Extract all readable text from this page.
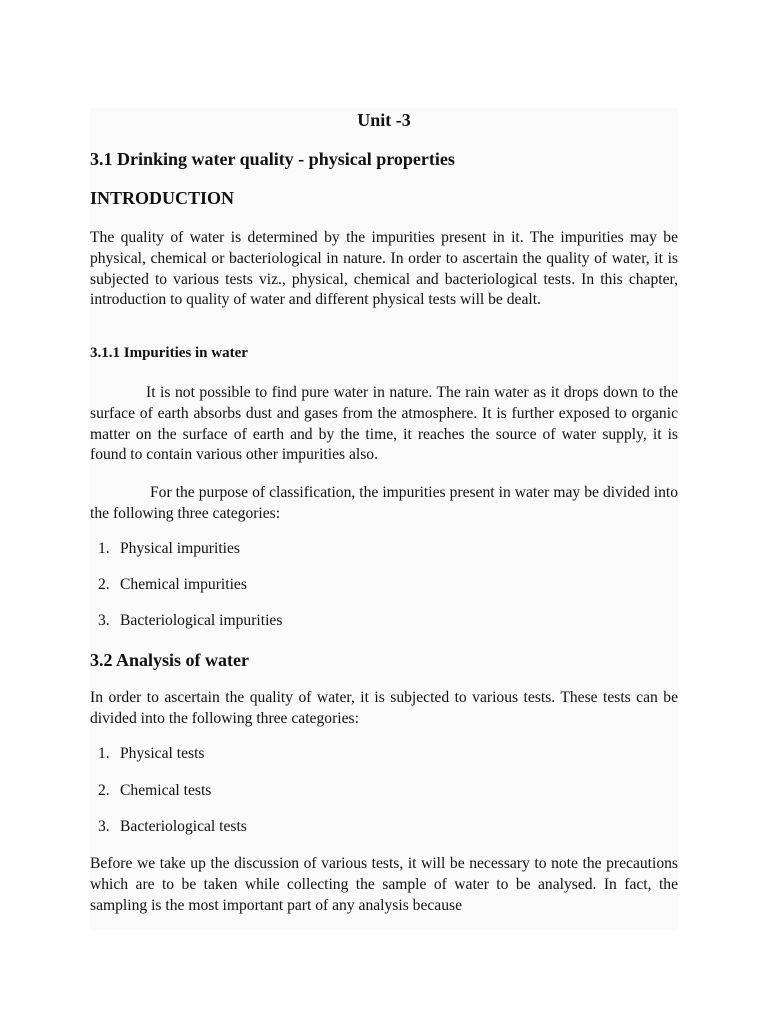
Unit -3
3.1 Drinking water quality - physical properties
INTRODUCTION

The quality of water is determined by the impurities present in it. The impurities may be physical, chemical or bacteriological in nature. In order to ascertain the quality of water, it is subjected to various tests viz., physical, chemical and bacteriological tests. In this chapter, introduction to quality of water and different physical tests will be dealt.

3.1.1 Impurities in water

It is not possible to find pure water in nature. The rain water as it drops down to the surface of earth absorbs dust and gases from the atmosphere. It is further exposed to organic matter on the surface of earth and by the time, it reaches the source of water supply, it is found to contain various other impurities also.

For the purpose of classification, the impurities present in water may be divided into the following three categories:

1. Physical impurities
2. Chemical impurities
3. Bacteriological impurities
3.2 Analysis of water

In order to ascertain the quality of water, it is subjected to various tests. These tests can be divided into the following three categories:

1. Physical tests
2. Chemical tests
3. Bacteriological tests

Before we take up the discussion of various tests, it will be necessary to note the precautions which are to be taken while collecting the sample of water to be analysed. In fact, the sampling is the most important part of any analysis because
